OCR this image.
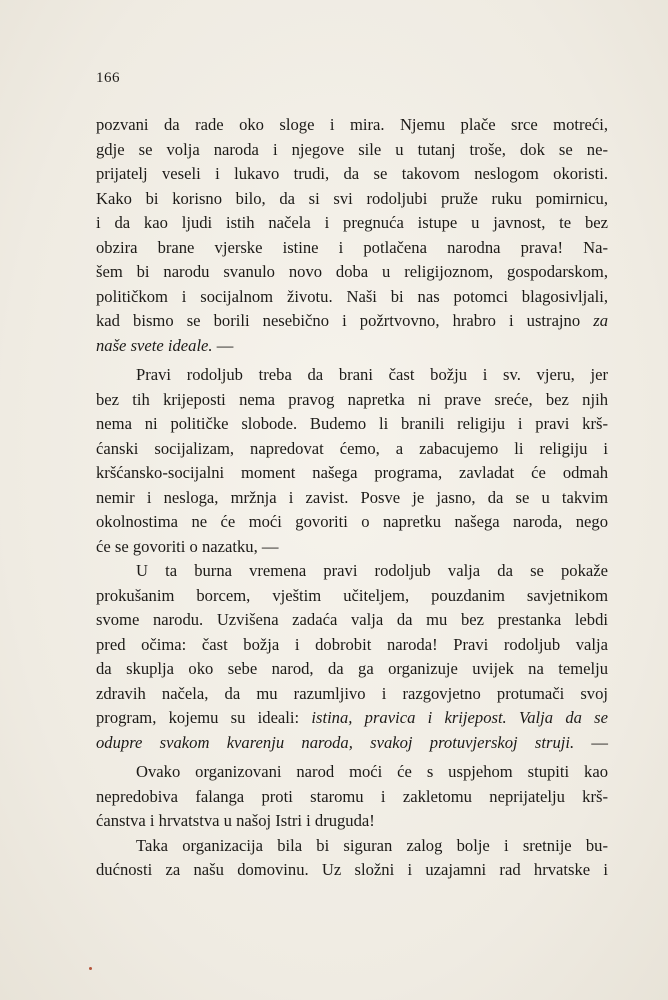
166
pozvani da rade oko sloge i mira. Njemu plače srce motreći,
gdje se volja naroda i njegove sile u tutanj troše, dok se ne-
prijatelj veseli i lukavo trudi, da se takovom neslogom okoristi.
Kako bi korisno bilo, da si svi rodoljubi pruže ruku pomirnicu,
i da kao ljudi istih načela i pregnuća istupe u javnost, te bez
obzira brane vjerske istine i potlačena narodna prava! Na-
šem bi narodu svanulo novo doba u religijoznom, gospodarskom,
političkom i socijalnom životu. Naši bi nas potomci blagosivljali,
kad bismo se borili nesebično i požrtvovno, hrabro i ustrajno za
naše svete ideale. —
Pravi rodoljub treba da brani čast božju i sv. vjeru, jer
bez tih krijeposti nema pravog napretka ni prave sreće, bez njih
nema ni političke slobode. Budemo li branili religiju i pravi krš-
ćanski socijalizam, napredovat ćemo, a zabacujemo li religiju i
kršćansko-socijalni moment našega programa, zavladat će odmah
nemir i nesloga, mržnja i zavist. Posve je jasno, da se u takvim
okolnostima ne će moći govoriti o napretku našega naroda, nego
će se govoriti o nazatku, —
U ta burna vremena pravi rodoljub valja da se pokaže
prokušanim borcem, vještim učiteljem, pouzdanim savjetnikom
svome narodu. Uzvišena zadaća valja da mu bez prestanka lebdi
pred očima: čast božja i dobrobit naroda! Pravi rodoljub valja
da skuplja oko sebe narod, da ga organizuje uvijek na temelju
zdravih načela, da mu razumljivo i razgovjetno protumači svoj
program, kojemu su ideali: istina, pravica i krijepost. Valja da se
odupre svakom kvarenju naroda, svakoj protuvjerskoj struji. —
Ovako organizovani narod moći će s uspjehom stupiti kao
nepredobiva falanga proti staromu i zakletomu neprijatelju krš-
ćanstva i hrvatstva u našoj Istri i druguda!
Taka organizacija bila bi siguran zalog bolje i sretnije bu-
dućnosti za našu domovinu. Uz složni i uzajamni rad hrvatske i
